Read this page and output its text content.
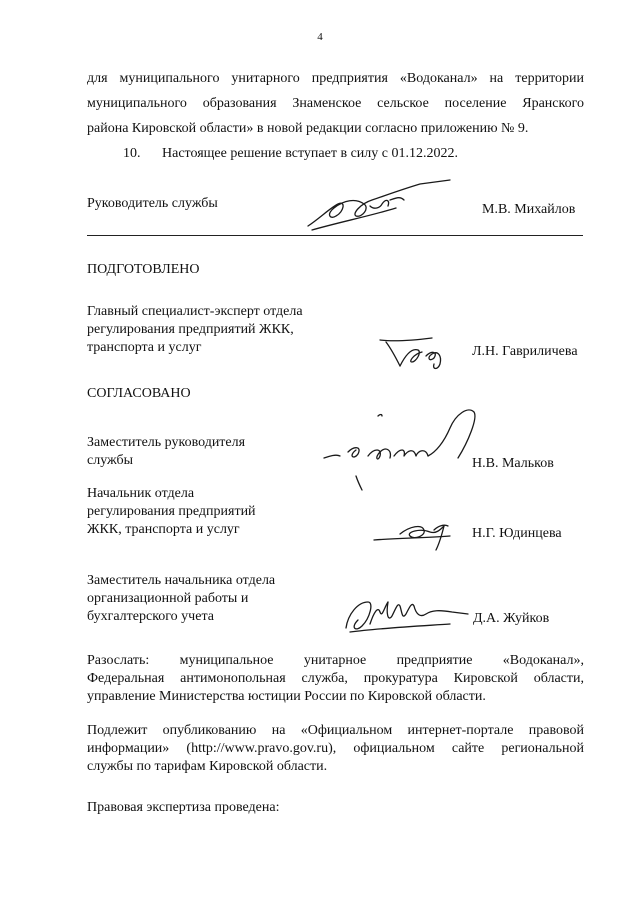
4
для муниципального унитарного предприятия «Водоканал» на территории
муниципального образования Знаменское сельское поселение Яранского
района Кировской области» в новой редакции согласно приложению № 9.
10. Настоящее решение вступает в силу с 01.12.2022.
Руководитель службы	М.В. Михайлов
ПОДГОТОВЛЕНО
Главный специалист-эксперт отдела
регулирования предприятий ЖКК,
транспорта и услуг	Л.Н. Гавриличева
СОГЛАСОВАНО
Заместитель руководителя
службы	Н.В. Мальков
Начальник отдела
регулирования предприятий
ЖКК, транспорта и услуг	Н.Г. Юдинцева
Заместитель начальника отдела
организационной работы и
бухгалтерского учета	Д.А. Жуйков
Разослать: муниципальное унитарное предприятие «Водоканал»,
Федеральная антимонопольная служба, прокуратура Кировской области,
управление Министерства юстиции России по Кировской области.
Подлежит опубликованию на «Официальном интернет-портале правовой
информации» (http://www.pravo.gov.ru), официальном сайте региональной
службы по тарифам Кировской области.
Правовая экспертиза проведена:
